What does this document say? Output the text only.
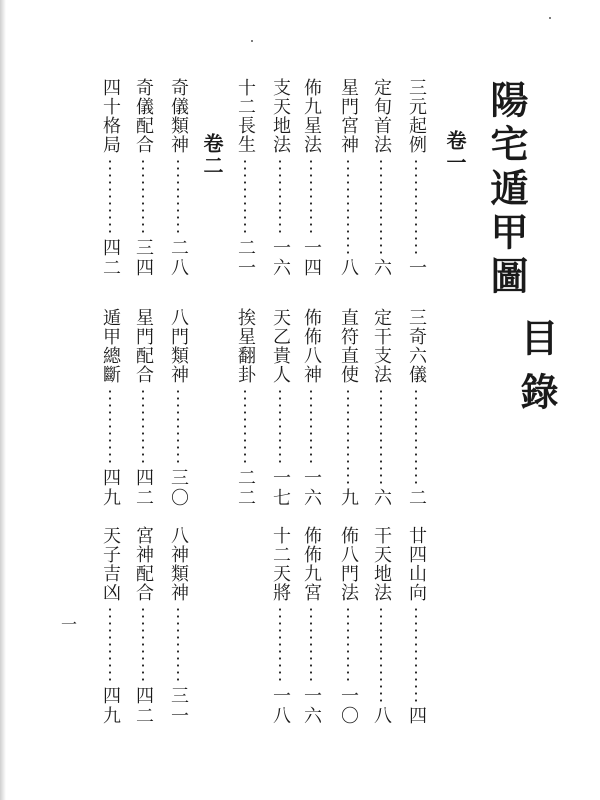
陽宅遁甲圖
目錄
卷一
卷二
三元起例
一
三奇六儀
二
廿四山向
四
定旬首法
六
定干支法
六
干天地法
八
星門宮神
八
直符直使
九
佈八門法
一〇
佈九星法
一四
佈佈八神
一六
佈佈九宮
一六
支天地法
一六
天乙貴人
一七
十二天將
一八
十二長生
二一
挨星翻卦
二二
奇儀類神
二八
八門類神
三〇
八神類神
三一
奇儀配合
三四
星門配合
四二
宮神配合
四二
四十格局
四二
遁甲總斷
四九
天子吉凶
四九
一
